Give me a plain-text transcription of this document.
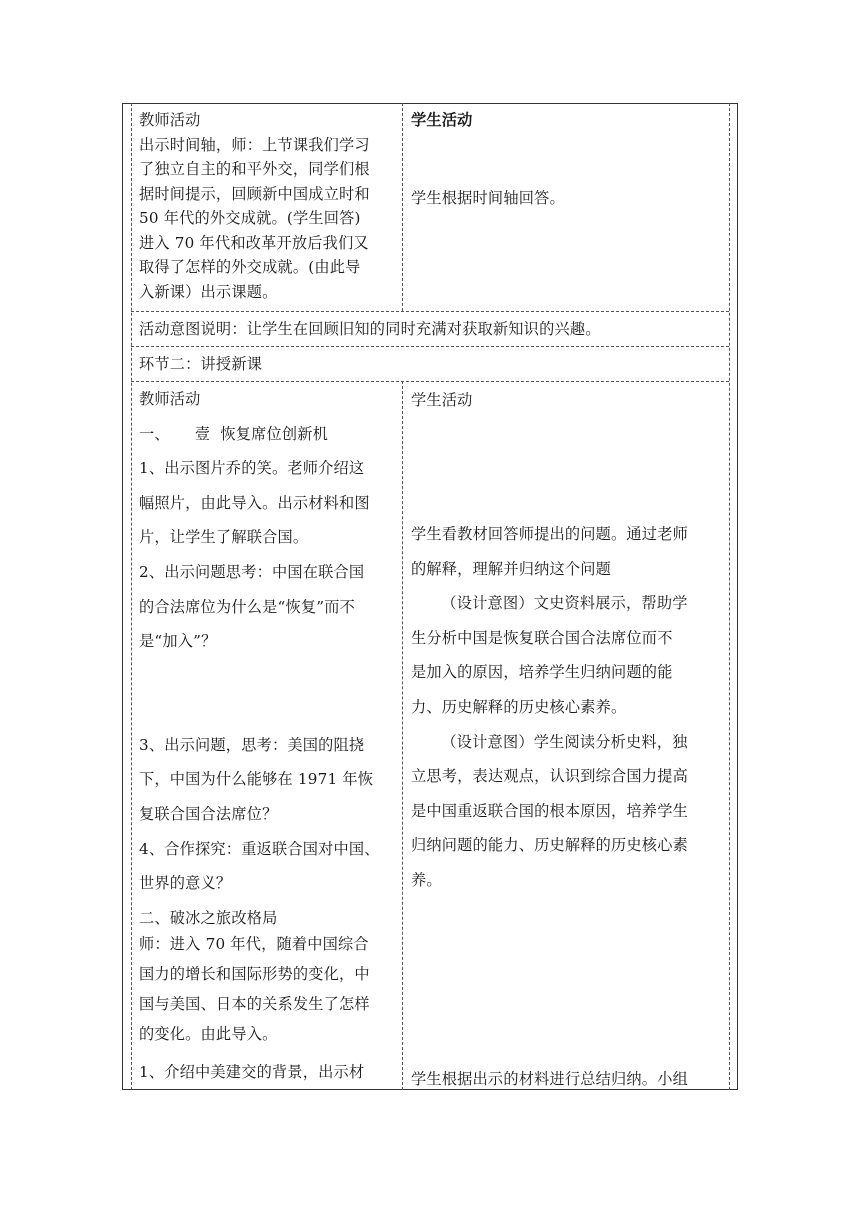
教师活动

出示时间轴，师：上节课我们学习

了独立自主的和平外交，同学们根

据时间提示，回顾新中国成立时和

50 年代的外交成就。(学生回答)

进入 70 年代和改革开放后我们又

取得了怎样的外交成就。(由此导

入新课）出示课题。

学生活动

学生根据时间轴回答。

活动意图说明：让学生在回顾旧知的同时充满对获取新知识的兴趣。

环节二：讲授新课

教师活动

一、     壹  恢复席位创新机

1、出示图片乔的笑。老师介绍这

幅照片，由此导入。出示材料和图

片，让学生了解联合国。

2、出示问题思考：中国在联合国

的合法席位为什么是“恢复”而不

是“加入”？

3、出示问题，思考：美国的阻挠

下，中国为什么能够在 1971 年恢

复联合国合法席位？

4、合作探究：重返联合国对中国、

世界的意义？

二、破冰之旅改格局

师：进入 70 年代，随着中国综合

国力的增长和国际形势的变化，中

国与美国、日本的关系发生了怎样

的变化。由此导入。

1、介绍中美建交的背景，出示材

学生活动

学生看教材回答师提出的问题。通过老师

的解释，理解并归纳这个问题

（设计意图）文史资料展示，帮助学

生分析中国是恢复联合国合法席位而不

是加入的原因，培养学生归纳问题的能

力、历史解释的历史核心素养。

（设计意图）学生阅读分析史料，独

立思考，表达观点，认识到综合国力提高

是中国重返联合国的根本原因，培养学生

归纳问题的能力、历史解释的历史核心素

养。

学生根据出示的材料进行总结归纳。小组
